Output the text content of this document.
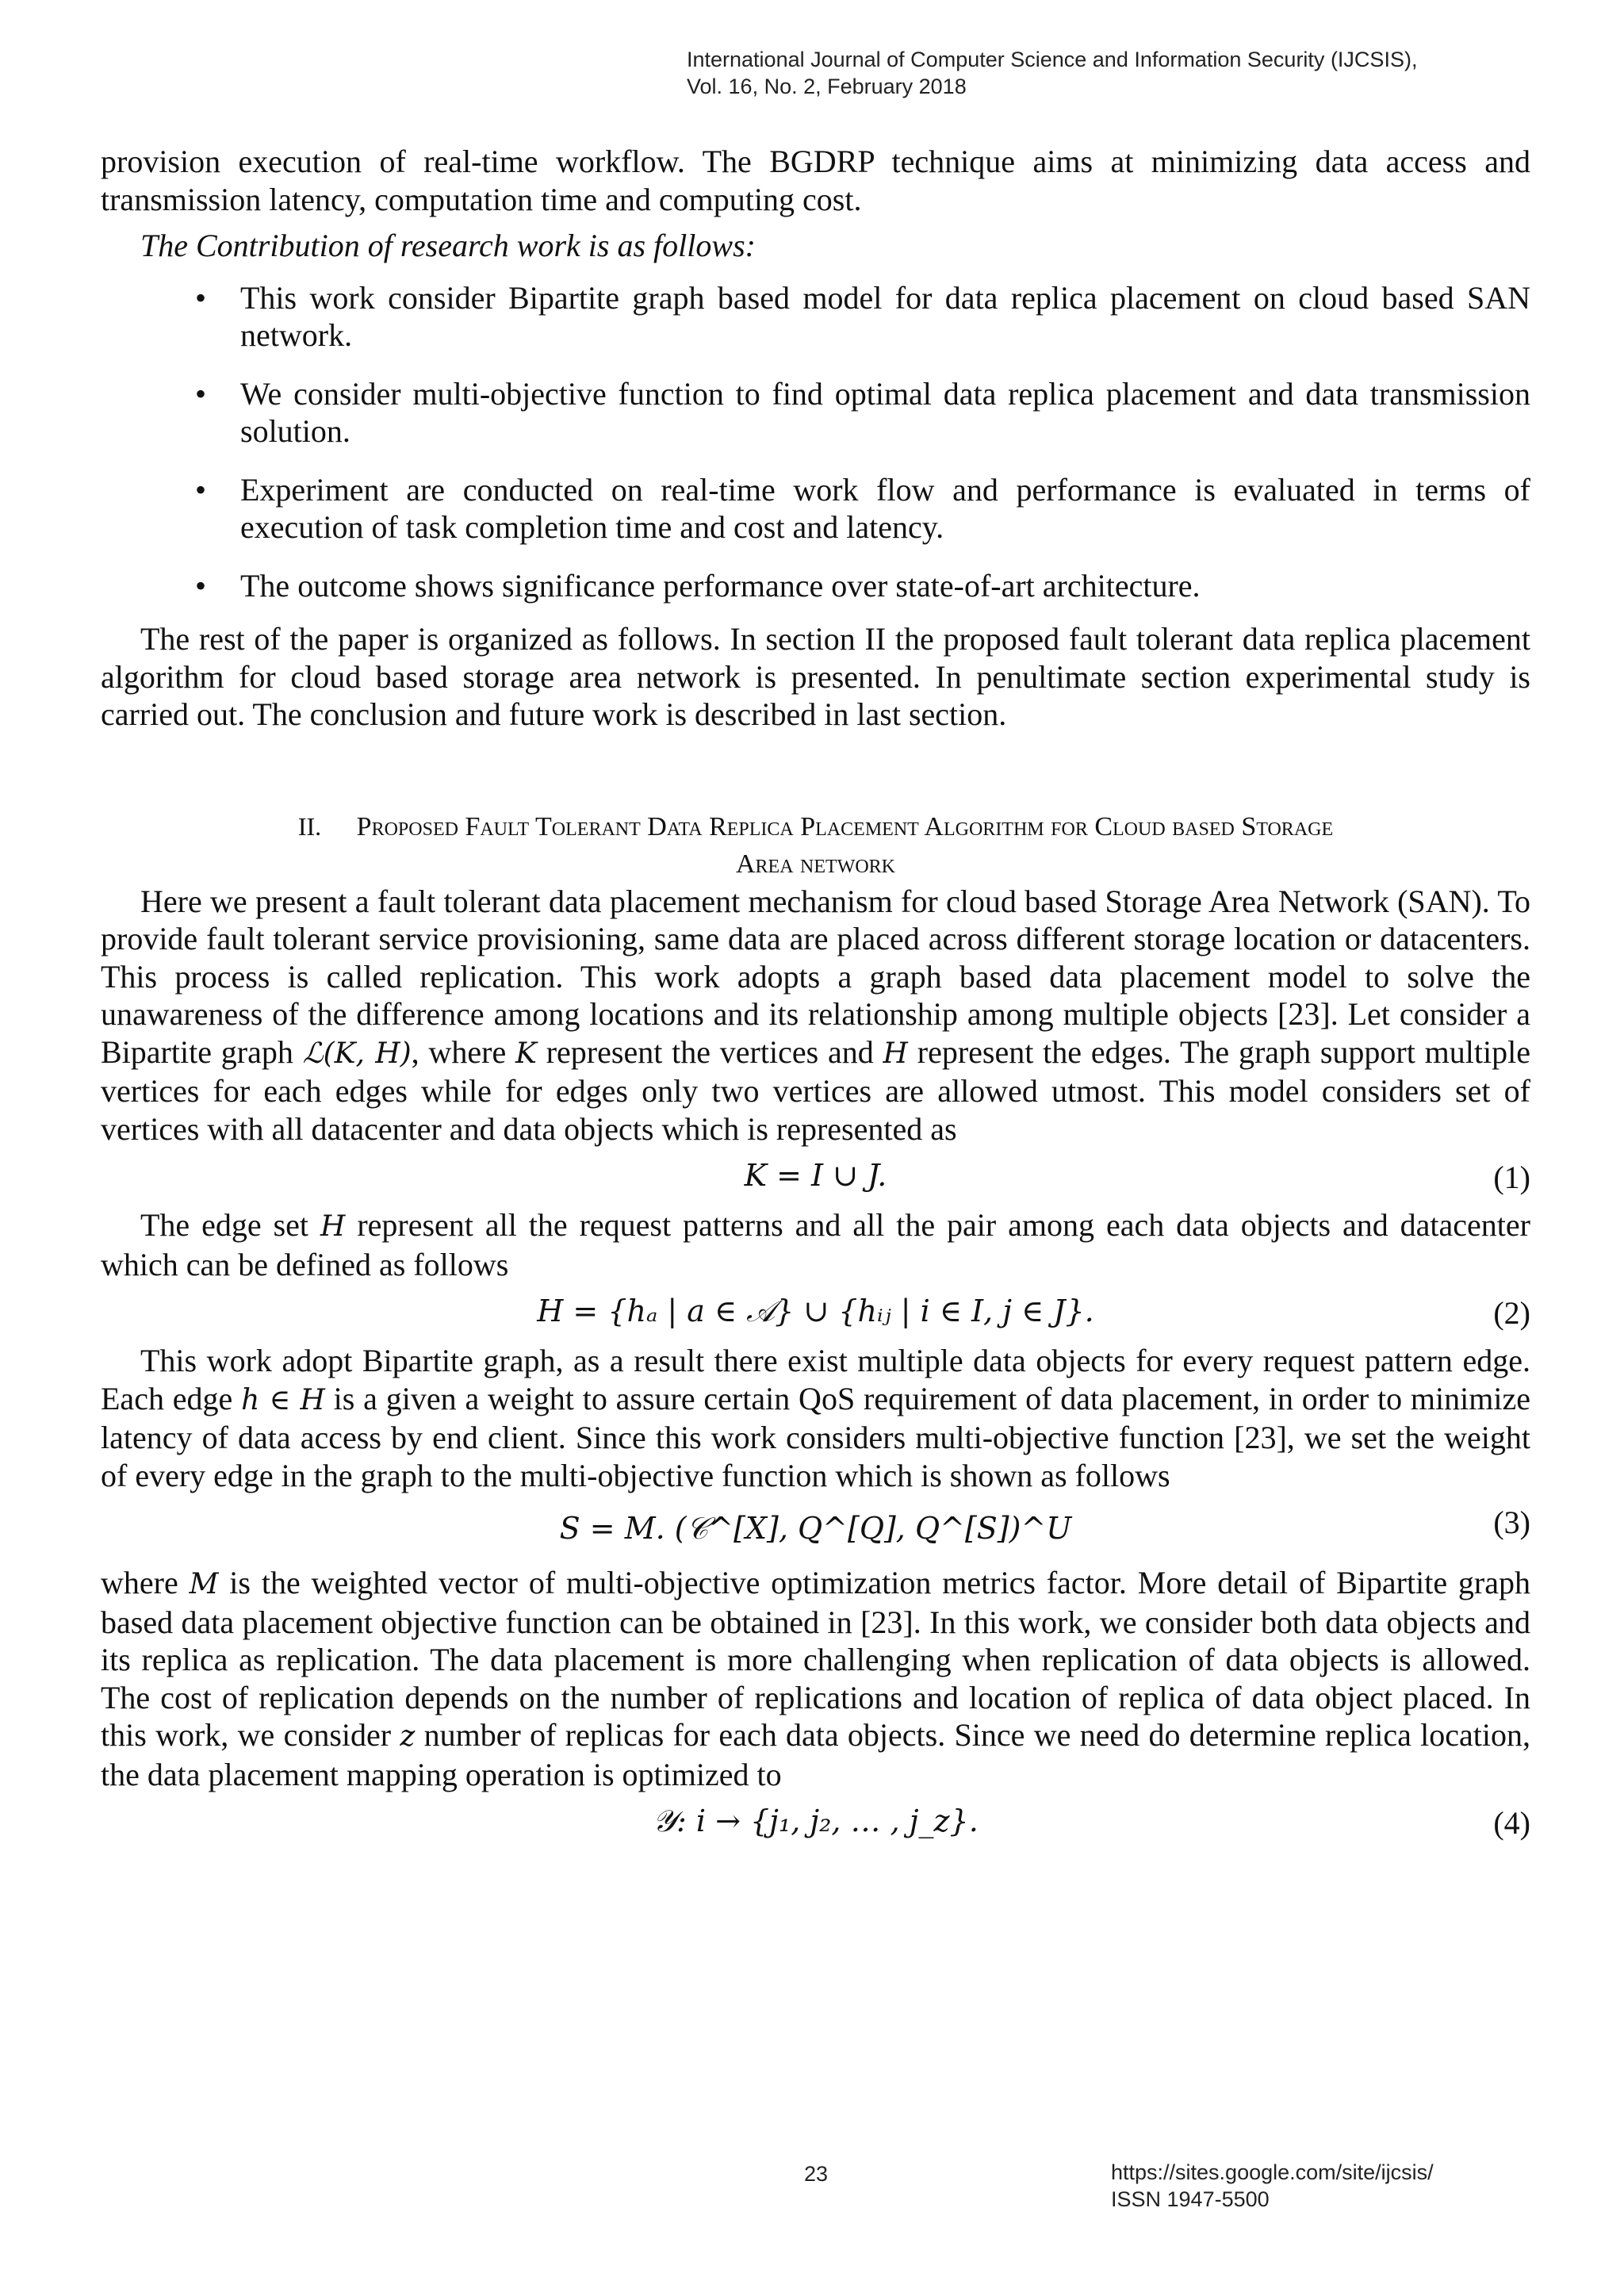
International Journal of Computer Science and Information Security (IJCSIS),
Vol. 16, No. 2, February 2018

provision execution of real-time workflow. The BGDRP technique aims at minimizing data access and transmission latency, computation time and computing cost.

The Contribution of research work is as follows:

• This work consider Bipartite graph based model for data replica placement on cloud based SAN network.
• We consider multi-objective function to find optimal data replica placement and data transmission solution.
• Experiment are conducted on real-time work flow and performance is evaluated in terms of execution of task completion time and cost and latency.
• The outcome shows significance performance over state-of-art architecture.

The rest of the paper is organized as follows. In section II the proposed fault tolerant data replica placement algorithm for cloud based storage area network is presented. In penultimate section experimental study is carried out. The conclusion and future work is described in last section.

II. Proposed Fault Tolerant Data Replica Placement Algorithm for Cloud based Storage
Area network

Here we present a fault tolerant data placement mechanism for cloud based Storage Area Network (SAN). To provide fault tolerant service provisioning, same data are placed across different storage location or datacenters. This process is called replication. This work adopts a graph based data placement model to solve the unawareness of the difference among locations and its relationship among multiple objects [23]. Let consider a Bipartite graph ℒ(K, H), where K represent the vertices and H represent the edges. The graph support multiple vertices for each edges while for edges only two vertices are allowed utmost. This model considers set of vertices with all datacenter and data objects which is represented as

K = I ∪ J.	(1)

The edge set H represent all the request patterns and all the pair among each data objects and datacenter which can be defined as follows

H = {hₐ | a ∈ 𝒜} ∪ {hᵢⱼ | i ∈ I, j ∈ J}.	(2)

This work adopt Bipartite graph, as a result there exist multiple data objects for every request pattern edge. Each edge h ∈ H is a given a weight to assure certain QoS requirement of data placement, in order to minimize latency of data access by end client. Since this work considers multi-objective function [23], we set the weight of every edge in the graph to the multi-objective function which is shown as follows

S = M. (𝒞^[X], Q^[Q], Q^[S])^U	(3)

where M is the weighted vector of multi-objective optimization metrics factor. More detail of Bipartite graph based data placement objective function can be obtained in [23]. In this work, we consider both data objects and its replica as replication. The data placement is more challenging when replication of data objects is allowed. The cost of replication depends on the number of replications and location of replica of data object placed. In this work, we consider z number of replicas for each data objects. Since we need do determine replica location, the data placement mapping operation is optimized to

𝒴: i → {j₁, j₂, … , j_z}.	(4)
23	https://sites.google.com/site/ijcsis/
ISSN 1947-5500
